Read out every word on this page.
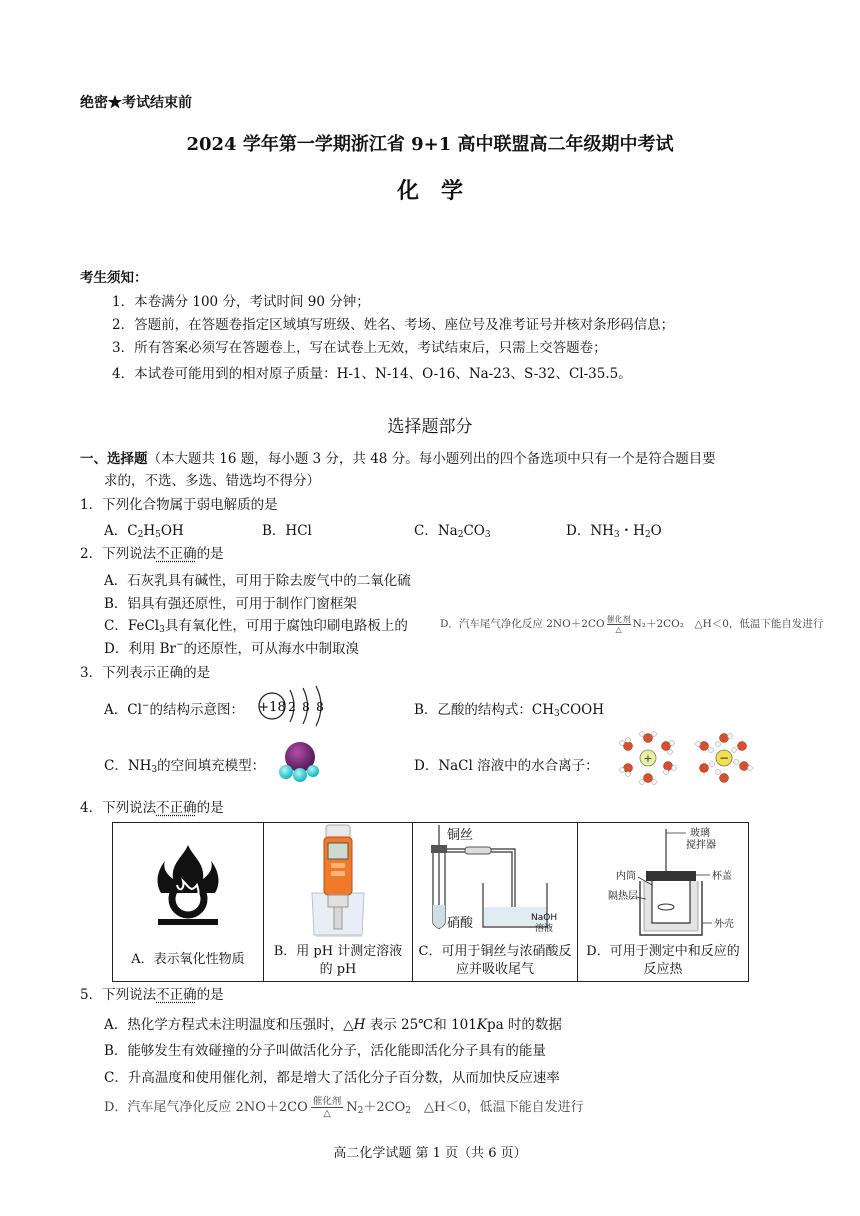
绝密★考试结束前
2024 学年第一学期浙江省 9+1 高中联盟高二年级期中考试
化　学
考生须知：
1．本卷满分 100 分，考试时间 90 分钟；
2．答题前，在答题卷指定区域填写班级、姓名、考场、座位号及准考证号并核对条形码信息；
3．所有答案必须写在答题卷上，写在试卷上无效，考试结束后，只需上交答题卷；
4．本试卷可能用到的相对原子质量：H-1、N-14、O-16、Na-23、S-32、Cl-35.5。
选择题部分
一、选择题（本大题共 16 题，每小题 3 分，共 48 分。每小题列出的四个备选项中只有一个是符合题目要
求的，不选、多选、错选均不得分）
1．下列化合物属于弱电解质的是
A．$C_2H_5OH$	B．HCl	C．$Na_2CO_3$	D．$NH_3$・$H_2O$
2．下列说法不正确的是
A．石灰乳具有碱性，可用于除去废气中的二氧化硫
B．铝具有强还原性，可用于制作门窗框架
C．FeCl$_3$具有氧化性，可用于腐蚀印刷电路板上的
D．利用 Br−的还原性，可从海水中制取溴
D．汽车尾气净化反应 2NO＋2CO 催化剂
△	N₂＋2CO₂　△H＜0，低温下能自发进行
3．下列表示正确的是
A．Cl−的结构示意图： +18 2 8 8	B．乙酸的结构式：$CH_3COOH$
C．$NH_3$的空间填充模型：	D．NaCl 溶液中的水合离子：	+	−
4．下列说法不正确的是
A．表示氧化性物质

B．用 pH 计测定溶液的 pH

铜丝
硝酸	NaOH
溶液
C．可用于铜丝与浓硝酸反应并吸收尾气

玻璃
搅拌器
杯盖
内筒
隔热层
外壳
D．可用于测定中和反应的反应热
5．下列说法不正确的是
A．热化学方程式未注明温度和压强时，△H 表示 25℃和 101Kpa 时的数据
B．能够发生有效碰撞的分子叫做活化分子，活化能即活化分子具有的能量
C．升高温度和使用催化剂，都是增大了活化分子百分数，从而加快反应速率
D．汽车尾气净化反应 2NO＋2CO 催化剂
△	$N_2+2CO_2$　△H＜0，低温下能自发进行
高二化学试题 第 1 页（共 6 页）
